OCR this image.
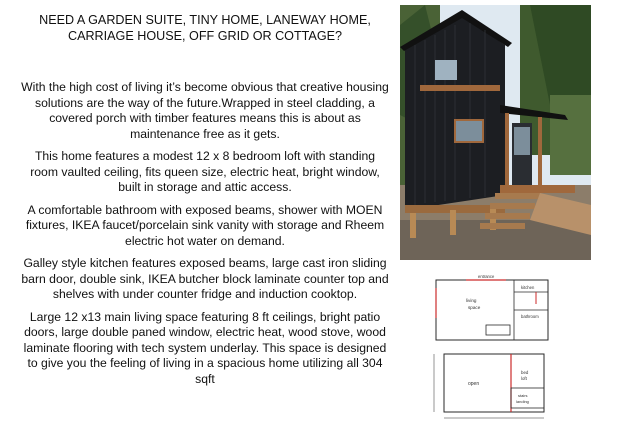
NEED A GARDEN SUITE, TINY HOME, LANEWAY HOME, CARRIAGE HOUSE, OFF GRID OR COTTAGE?

With the high cost of living it’s become obvious that creative housing solutions are the way of the future.Wrapped in steel cladding, a covered porch with timber features means this is about as maintenance free as it gets.

This home features a modest 12 x 8 bedroom loft with standing room vaulted ceiling, fits queen size, electric heat, bright window, built in storage and attic access.

A comfortable bathroom with exposed beams, shower with MOEN fixtures, IKEA faucet/porcelain sink vanity with storage and Rheem electric hot water on demand.

Galley style kitchen features exposed beams, large cast iron sliding barn door, double sink, IKEA butcher block laminate counter top and shelves with under counter fridge and induction cooktop.

Large 12 x13 main living space featuring 8 ft ceilings, bright patio doors, large double paned window, electric heat, wood stove, wood laminate flooring with tech system underlay. This space is designed to give you the feeling of living in a spacious home utilizing all 304 sqft

entrance
kitchen
living
space
bathroom
open
bed
loft
stairs
landing
